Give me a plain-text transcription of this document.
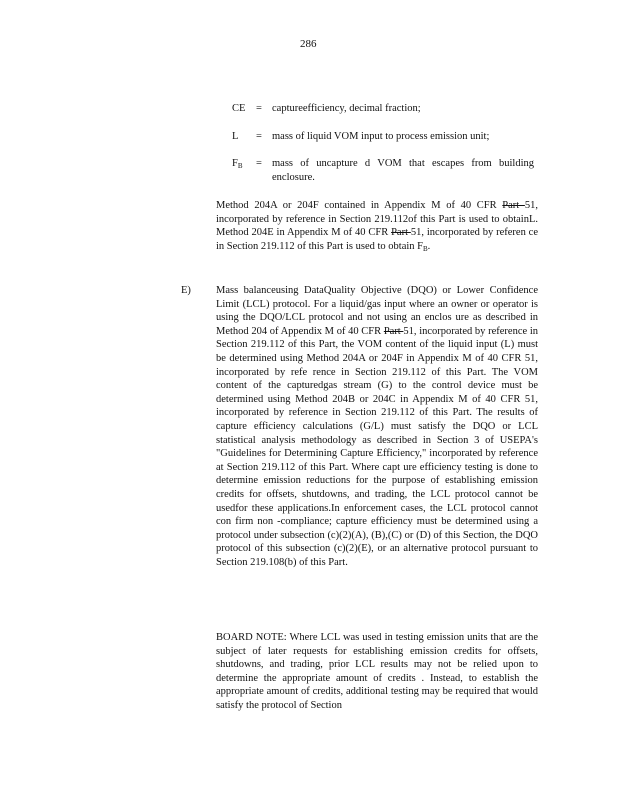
286
CE	= captureefficiency, decimal fraction;
L	= mass of liquid VOM input to process emission unit;
$F_B$	= mass of uncapture d VOM that escapes from building enclosure.
Method 204A or 204F contained in Appendix M of 40 CFR Part 51, incorporated by reference in Section 219.112of this Part is used to obtainL. Method 204E in Appendix M of 40 CFR Part 51, incorporated by referen ce in Section 219.112 of this Part is used to obtain $F_B$.
E) Mass balanceusing DataQuality Objective (DQO) or Lower Confidence Limit (LCL) protocol. For a liquid/gas input where an owner or operator is using the DQO/LCL protocol and not using an enclos ure as described in Method 204 of Appendix M of 40 CFR Part 51, incorporated by reference in Section 219.112 of this Part, the VOM content of the liquid input (L) must be determined using Method 204A or 204F in Appendix M of 40 CFR 51, incorporated by refe rence in Section 219.112 of this Part. The VOM content of the capturedgas stream (G) to the control device must be determined using Method 204B or 204C in Appendix M of 40 CFR 51, incorporated by reference in Section 219.112 of this Part. The results of capture efficiency calculations (G/L) must satisfy the DQO or LCL statistical analysis methodology as described in Section 3 of USEPA's "Guidelines for Determining Capture Efficiency," incorporated by reference at Section 219.112 of this Part. Where capt ure efficiency testing is done to determine emission reductions for the purpose of establishing emission credits for offsets, shutdowns, and trading, the LCL protocol cannot be usedfor these applications.In enforcement cases, the LCL protocol cannot con firm non -compliance; capture efficiency must be determined using a protocol under subsection (c)(2)(A), (B),(C) or (D) of this Section, the DQO protocol of this subsection (c)(2)(E), or an alternative protocol pursuant to Section 219.108(b) of this Part.
BOARD NOTE: Where LCL was used in testing emission units that are the subject of later requests for establishing emission credits for offsets, shutdowns, and trading, prior LCL results may not be relied upon to determine the appropriate amount of credits . Instead, to establish the appropriate amount of credits, additional testing may be required that would satisfy the protocol of Section
